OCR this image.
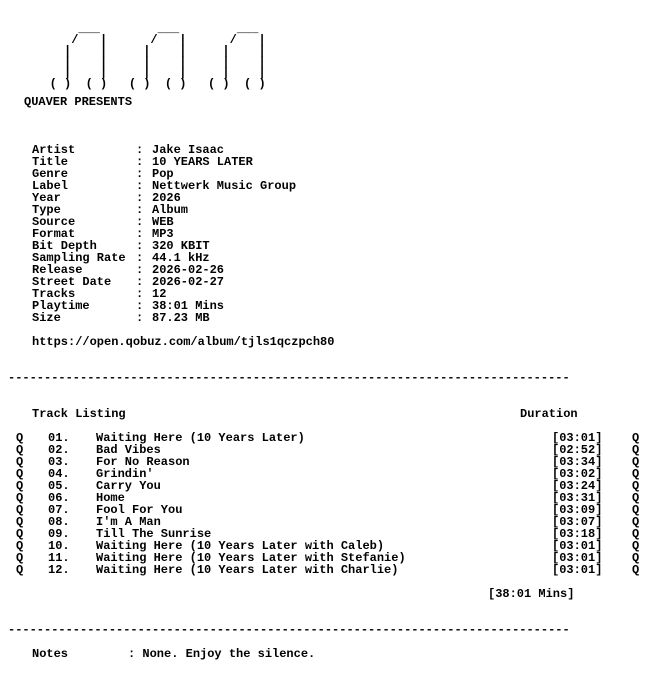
___        ___        ___
/   |      /   |      /   |
|    |     |    |     |    |
|    |     |    |     |    |
|    |     |    |     |    |
( )  ( )   ( )  ( )   ( )  ( )
QUAVER PRESENTS
Artist	: Jake Isaac
Title	: 10 YEARS LATER
Genre	: Pop
Label	: Nettwerk Music Group
Year	: 2026
Type	: Album
Source	: WEB
Format	: MP3
Bit Depth	: 320 KBIT
Sampling Rate : 44.1 kHz
Release	: 2026-02-26
Street Date : 2026-02-27
Tracks	: 12
Playtime	: 38:01 Mins
Size	: 87.23 MB
https://open.qobuz.com/album/tjls1qczpch80
------------------------------------------------------------------------------
Track Listing	Duration
Q 01. Waiting Here (10 Years Later)	[03:01] Q
Q 02. Bad Vibes	[02:52] Q
Q 03. For No Reason	[03:34] Q
Q 04. Grindin'	[03:02] Q
Q 05. Carry You	[03:24] Q
Q 06. Home	[03:31] Q
Q 07. Fool For You	[03:09] Q
Q 08. I'm A Man	[03:07] Q
Q 09. Till The Sunrise	[03:18] Q
Q 10. Waiting Here (10 Years Later with Caleb)	[03:01] Q
Q 11. Waiting Here (10 Years Later with Stefanie)	[03:01] Q
Q 12. Waiting Here (10 Years Later with Charlie)	[03:01] Q
[38:01 Mins]
------------------------------------------------------------------------------
Notes	: None. Enjoy the silence.
